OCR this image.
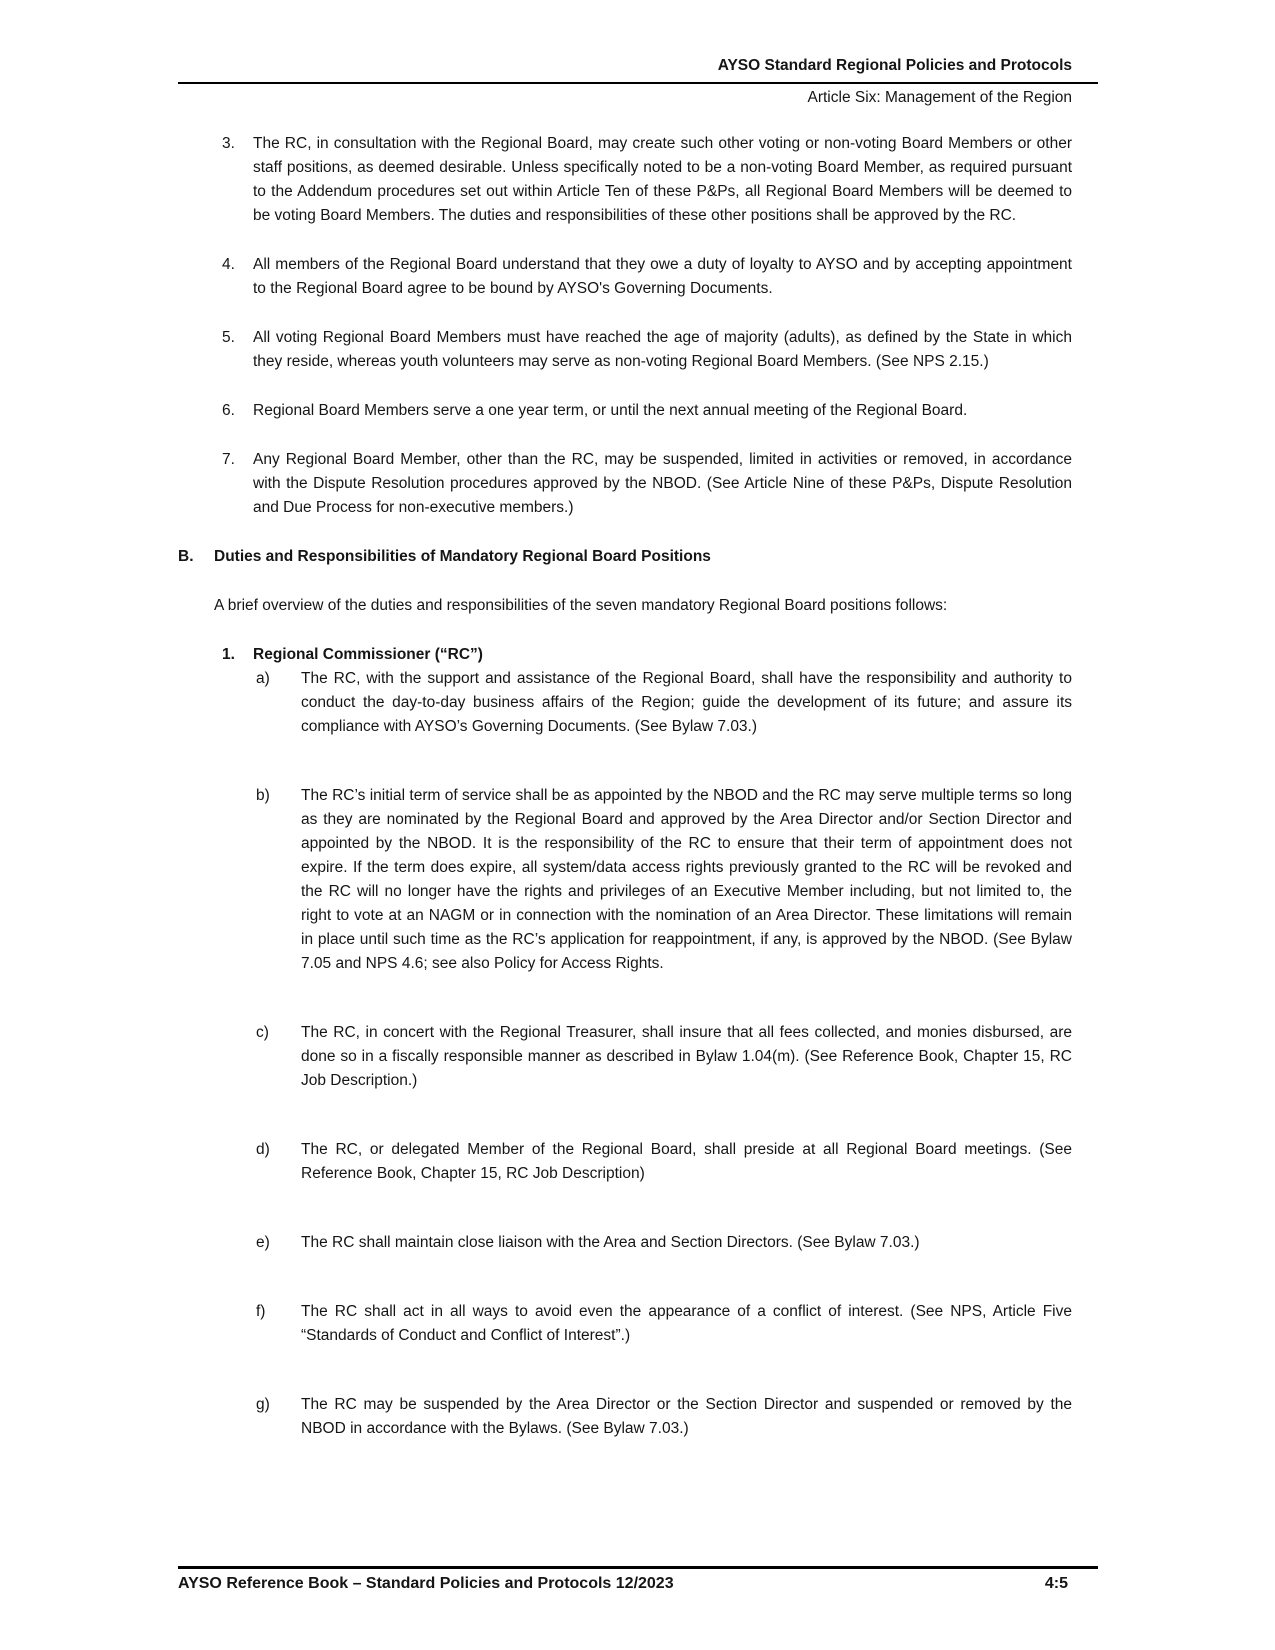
AYSO Standard Regional Policies and Protocols
Article Six: Management of the Region
3.	The RC, in consultation with the Regional Board, may create such other voting or non-voting Board Members or other staff positions, as deemed desirable. Unless specifically noted to be a non-voting Board Member, as required pursuant to the Addendum procedures set out within Article Ten of these P&Ps, all Regional Board Members will be deemed to be voting Board Members. The duties and responsibilities of these other positions shall be approved by the RC.

4.	All members of the Regional Board understand that they owe a duty of loyalty to AYSO and by accepting appointment to the Regional Board agree to be bound by AYSO's Governing Documents.

5.	All voting Regional Board Members must have reached the age of majority (adults), as defined by the State in which they reside, whereas youth volunteers may serve as non-voting Regional Board Members. (See NPS 2.15.)

6.	Regional Board Members serve a one year term, or until the next annual meeting of the Regional Board.

7.	Any Regional Board Member, other than the RC, may be suspended, limited in activities or removed, in accordance with the Dispute Resolution procedures approved by the NBOD. (See Article Nine of these P&Ps, Dispute Resolution and Due Process for non-executive members.)

B.	Duties and Responsibilities of Mandatory Regional Board Positions

A brief overview of the duties and responsibilities of the seven mandatory Regional Board positions follows:

1.	Regional Commissioner (“RC”)
a)	The RC, with the support and assistance of the Regional Board, shall have the responsibility and authority to conduct the day-to-day business affairs of the Region; guide the development of its future; and assure its compliance with AYSO’s Governing Documents. (See Bylaw 7.03.)

b)	The RC’s initial term of service shall be as appointed by the NBOD and the RC may serve multiple terms so long as they are nominated by the Regional Board and approved by the Area Director and/or Section Director and appointed by the NBOD. It is the responsibility of the RC to ensure that their term of appointment does not expire. If the term does expire, all system/data access rights previously granted to the RC will be revoked and the RC will no longer have the rights and privileges of an Executive Member including, but not limited to, the right to vote at an NAGM or in connection with the nomination of an Area Director. These limitations will remain in place until such time as the RC’s application for reappointment, if any, is approved by the NBOD. (See Bylaw 7.05 and NPS 4.6; see also Policy for Access Rights.

c)	The RC, in concert with the Regional Treasurer, shall insure that all fees collected, and monies disbursed, are done so in a fiscally responsible manner as described in Bylaw 1.04(m). (See Reference Book, Chapter 15, RC Job Description.)

d)	The RC, or delegated Member of the Regional Board, shall preside at all Regional Board meetings. (See Reference Book, Chapter 15, RC Job Description)

e)	The RC shall maintain close liaison with the Area and Section Directors. (See Bylaw 7.03.)

f)	The RC shall act in all ways to avoid even the appearance of a conflict of interest. (See NPS, Article Five “Standards of Conduct and Conflict of Interest”.)

g)	The RC may be suspended by the Area Director or the Section Director and suspended or removed by the NBOD in accordance with the Bylaws. (See Bylaw 7.03.)

AYSO Reference Book – Standard Policies and Protocols 12/2023	4:5
